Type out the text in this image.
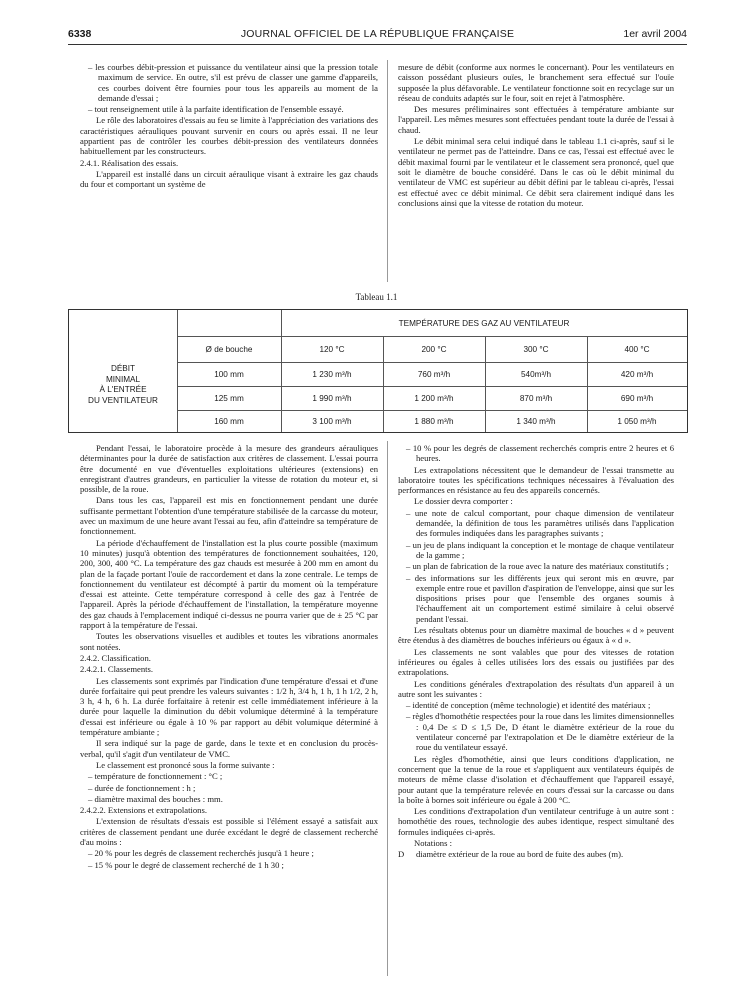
6338	JOURNAL OFFICIEL DE LA RÉPUBLIQUE FRANÇAISE	1er avril 2004

– les courbes débit-pression et puissance du ventilateur ainsi que la pression totale maximum de service. En outre, s'il est prévu de classer une gamme d'appareils, ces courbes doivent être fournies pour tous les appareils au moment de la demande d'essai ;

– tout renseignement utile à la parfaite identification de l'ensemble essayé.

Le rôle des laboratoires d'essais au feu se limite à l'appréciation des variations des caractéristiques aérauliques pouvant survenir en cours ou après essai. Il ne leur appartient pas de contrôler les courbes débit-pression des ventilateurs données habituellement par les constructeurs.

2.4.1. Réalisation des essais.

L'appareil est installé dans un circuit aéraulique visant à extraire les gaz chauds du four et comportant un système de

mesure de débit (conforme aux normes le concernant). Pour les ventilateurs en caisson possédant plusieurs ouïes, le branchement sera effectué sur l'ouïe supposée la plus défavorable. Le ventilateur fonctionne soit en recyclage sur un réseau de conduits adaptés sur le four, soit en rejet à l'atmosphère.

Des mesures préliminaires sont effectuées à température ambiante sur l'appareil. Les mêmes mesures sont effectuées pendant toute la durée de l'essai à chaud.

Le débit minimal sera celui indiqué dans le tableau 1.1 ci-après, sauf si le ventilateur ne permet pas de l'atteindre. Dans ce cas, l'essai est effectué avec le débit maximal fourni par le ventilateur et le classement sera prononcé, quel que soit le diamètre de bouche considéré. Dans le cas où le débit minimal du ventilateur de VMC est supérieur au débit défini par le tableau ci-après, l'essai est effectué avec ce débit minimal. Ce débit sera clairement indiqué dans les conclusions ainsi que la vitesse de rotation du moteur.

Tableau 1.1
TEMPÉRATURE DES GAZ AU VENTILATEUR
Ø de bouche
DÉBIT
MINIMAL
À L'ENTRÉE
DU VENTILATEUR
120 °C	200 °C	300 °C	400 °C
100 mm	1 230 m³/h	760 m³/h	540m³/h	420 m³/h
125 mm	1 990 m³/h	1 200 m³/h	870 m³/h	690 m³/h
160 mm	3 100 m³/h	1 880 m³/h	1 340 m³/h	1 050 m³/h

Pendant l'essai, le laboratoire procède à la mesure des grandeurs aérauliques déterminantes pour la durée de satisfaction aux critères de classement. L'essai pourra être documenté en vue d'éventuelles exploitations ultérieures (extensions) en enregistrant d'autres grandeurs, en particulier la vitesse de rotation du moteur et, si possible, de la roue.

Dans tous les cas, l'appareil est mis en fonctionnement pendant une durée suffisante permettant l'obtention d'une température stabilisée de la carcasse du moteur, avec un maximum de une heure avant l'essai au feu, afin d'atteindre sa température de fonctionnement.

La période d'échauffement de l'installation est la plus courte possible (maximum 10 minutes) jusqu'à obtention des températures de fonctionnement souhaitées, 120, 200, 300, 400 °C. La température des gaz chauds est mesurée à 200 mm en amont du plan de la façade portant l'ouïe de raccordement et dans la zone centrale. Le temps de fonctionnement du ventilateur est décompté à partir du moment où la température d'essai est atteinte. Cette température correspond à celle des gaz à l'entrée de l'appareil. Après la période d'échauffement de l'installation, la température moyenne des gaz chauds à l'emplacement indiqué ci-dessus ne pourra varier que de ± 25 °C par rapport à la température de l'essai.

Toutes les observations visuelles et audibles et toutes les vibrations anormales sont notées.

2.4.2. Classification.

2.4.2.1. Classements.

Les classements sont exprimés par l'indication d'une température d'essai et d'une durée forfaitaire qui peut prendre les valeurs suivantes : 1/2 h, 3/4 h, 1 h, 1 h 1/2, 2 h, 3 h, 4 h, 6 h. La durée forfaitaire à retenir est celle immédiatement inférieure à la durée pour laquelle la diminution du débit volumique déterminé à la température d'essai est inférieure ou égale à 10 % par rapport au débit volumique déterminé à température ambiante ;

Il sera indiqué sur la page de garde, dans le texte et en conclusion du procès-verbal, qu'il s'agit d'un ventilateur de VMC.

Le classement est prononcé sous la forme suivante :

– température de fonctionnement : °C ;

– durée de fonctionnement : h ;

– diamètre maximal des bouches : mm.

2.4.2.2. Extensions et extrapolations.

L'extension de résultats d'essais est possible si l'élément essayé a satisfait aux critères de classement pendant une durée excédant le degré de classement recherché d'au moins :

– 20 % pour les degrés de classement recherchés jusqu'à 1 heure ;

– 15 % pour le degré de classement recherché de 1 h 30 ;

– 10 % pour les degrés de classement recherchés compris entre 2 heures et 6 heures.

Les extrapolations nécessitent que le demandeur de l'essai transmette au laboratoire toutes les spécifications techniques nécessaires à l'évaluation des performances en résistance au feu des appareils concernés.

Le dossier devra comporter :

– une note de calcul comportant, pour chaque dimension de ventilateur demandée, la définition de tous les paramètres utilisés dans l'application des formules indiquées dans les paragraphes suivants ;

– un jeu de plans indiquant la conception et le montage de chaque ventilateur de la gamme ;

– un plan de fabrication de la roue avec la nature des matériaux constitutifs ;

– des informations sur les différents jeux qui seront mis en œuvre, par exemple entre roue et pavillon d'aspiration de l'enveloppe, ainsi que sur les dispositions prises pour que l'ensemble des organes soumis à l'échauffement ait un comportement estimé similaire à celui observé pendant l'essai.

Les résultats obtenus pour un diamètre maximal de bouches « d » peuvent être étendus à des diamètres de bouches inférieurs ou égaux à « d ».

Les classements ne sont valables que pour des vitesses de rotation inférieures ou égales à celles utilisées lors des essais ou justifiées par des extrapolations.

Les conditions générales d'extrapolation des résultats d'un appareil à un autre sont les suivantes :

– identité de conception (même technologie) et identité des matériaux ;

– règles d'homothétie respectées pour la roue dans les limites dimensionnelles : 0,4 De ≤ D ≤ 1,5 De, D étant le diamètre extérieur de la roue du ventilateur concerné par l'extrapolation et De le diamètre extérieur de la roue du ventilateur essayé.

Les règles d'homothétie, ainsi que leurs conditions d'application, ne concernent que la tenue de la roue et s'appliquent aux ventilateurs équipés de moteurs de même classe d'isolation et d'échauffement que l'appareil essayé, pour autant que la température relevée en cours d'essai sur la carcasse ou dans la boîte à bornes soit inférieure ou égale à 200 °C.

Les conditions d'extrapolation d'un ventilateur centrifuge à un autre sont : homothétie des roues, technologie des aubes identique, respect simultané des formules indiquées ci-après.

Notations :

D	diamètre extérieur de la roue au bord de fuite des aubes (m).
